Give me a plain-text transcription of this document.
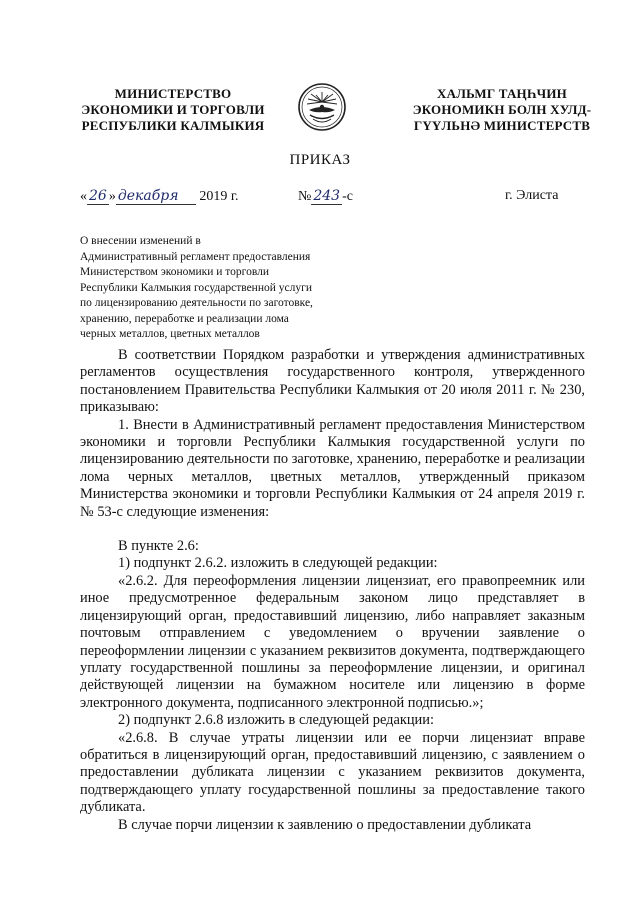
МИНИСТЕРСТВО
ЭКОНОМИКИ И ТОРГОВЛИ
РЕСПУБЛИКИ КАЛМЫКИЯ
ХАЛЬМГ ТАҢҺЧИН
ЭКОНОМИКН БОЛН ХУЛД-
ГҮҮЛЬНӘ МИНИСТЕРСТВ
ПРИКАЗ
« 26 » декабря 2019 г.	№ 243 -с	г. Элиста
О внесении изменений в
Административный регламент предоставления
Министерством экономики и торговли
Республики Калмыкия государственной услуги
по лицензированию деятельности по заготовке,
хранению, переработке и реализации лома
черных металлов, цветных металлов

В соответствии Порядком разработки и утверждения административных регламентов осуществления государственного контроля, утвержденного постановлением Правительства Республики Калмыкия от 20 июля 2011 г. № 230, приказываю:

1. Внести в Административный регламент предоставления Министерством экономики и торговли Республики Калмыкия государственной услуги по лицензированию деятельности по заготовке, хранению, переработке и реализации лома черных металлов, цветных металлов, утвержденный приказом Министерства экономики и торговли Республики Калмыкия от 24 апреля 2019 г. № 53-с следующие изменения:

В пункте 2.6:

1) подпункт 2.6.2. изложить в следующей редакции:

«2.6.2. Для переоформления лицензии лицензиат, его правопреемник или иное предусмотренное федеральным законом лицо представляет в лицензирующий орган, предоставивший лицензию, либо направляет заказным почтовым отправлением с уведомлением о вручении заявление о переоформлении лицензии с указанием реквизитов документа, подтверждающего уплату государственной пошлины за переоформление лицензии, и оригинал действующей лицензии на бумажном носителе или лицензию в форме электронного документа, подписанного электронной подписью.»;

2) подпункт 2.6.8 изложить в следующей редакции:

«2.6.8. В случае утраты лицензии или ее порчи лицензиат вправе обратиться в лицензирующий орган, предоставивший лицензию, с заявлением о предоставлении дубликата лицензии с указанием реквизитов документа, подтверждающего уплату государственной пошлины за предоставление такого дубликата.

В случае порчи лицензии к заявлению о предоставлении дубликата
